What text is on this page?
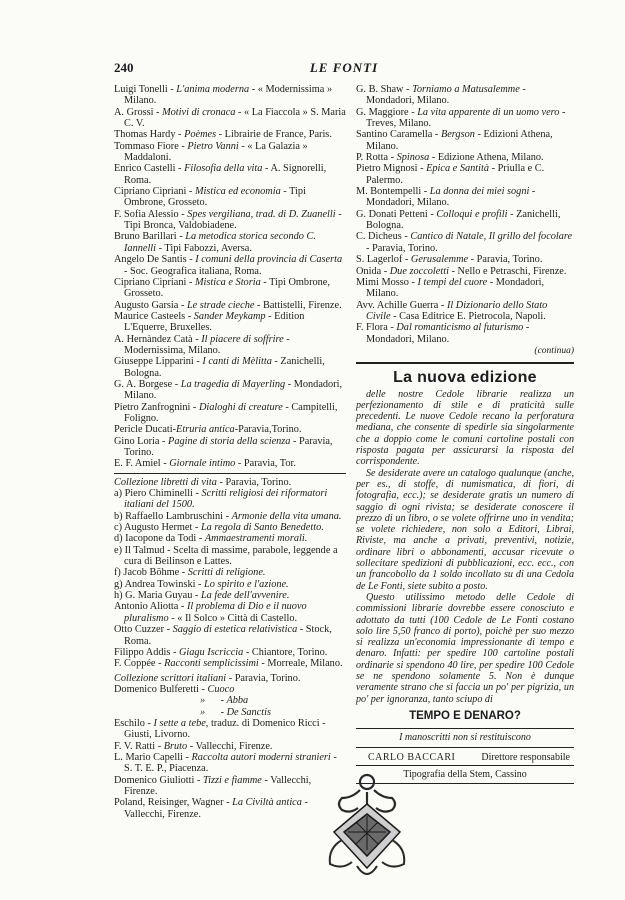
240	LE FONTI

Luigi Tonelli - L'anima moderna - « Modernissima » Milano.

A. Grossi - Motivi di cronaca - « La Fiaccola » S. Maria C. V.

Thomas Hardy - Poèmes - Librairie de France, Paris.

Tommaso Fiore - Pietro Vanni - « La Galazia » Maddaloni.

Enrico Castelli - Filosofia della vita - A. Signorelli, Roma.

Cipriano Cipriani - Mistica ed economia - Tipi Ombrone, Grosseto.

F. Sofia Alessio - Spes vergiliana, trad. di D. Zuanelli - Tipi Bronca, Valdobiadene.

Bruno Barillari - La metodica storica secondo C. Iannelli - Tipi Fabozzi, Aversa.

Angelo De Santis - I comuni della provincia di Caserta - Soc. Geografica italiana, Roma.

Cipriano Cipriani - Mistica e Storia - Tipi Ombrone, Grosseto.

Augusto Garsia - Le strade cieche - Battistelli, Firenze.

Maurice Casteels - Sander Meykamp - Edition L'Equerre, Bruxelles.

A. Hernàndez Catà - Il piacere di soffrire - Modernissima, Milano.

Giuseppe Lipparini - I canti di Mèlitta - Zanichelli, Bologna.

G. A. Borgese - La tragedia di Mayerling - Mondadori, Milano.

Pietro Zanfrognini - Dialoghi di creature - Campitelli, Foligno.

Pericle Ducati-Etruria antica-Paravia,Torino.

Gino Loria - Pagine di storia della scienza - Paravia, Torino.

E. F. Amiel - Giornale intimo - Paravia, Tor.

Collezione libretti di vita - Paravia, Torino.

a) Piero Chiminelli - Scritti religiosi dei riformatori italiani del 1500.

b) Raffaello Lambruschini - Armonie della vita umana.

c) Augusto Hermet - La regola di Santo Benedetto.

d) Iacopone da Todi - Ammaestramenti morali.

e) Il Talmud - Scelta di massime, parabole, leggende a cura di Beilinson e Lattes.

f) Jacob Böhme - Scritti di religione.

g) Andrea Towinski - Lo spirito e l'azione.

h) G. Maria Guyau - La fede dell'avvenire.

Antonio Aliotta - Il problema di Dio e il nuovo pluralismo - « Il Solco » Città di Castello.

Otto Cuzzer - Saggio di estetica relativistica - Stock, Roma.

Filippo Addis - Giagu Iscriccia - Chiantore, Torino.

F. Coppée - Racconti semplicissimi - Morreale, Milano.

Collezione scrittori italiani - Paravia, Torino.

Domenico Bulferetti - Cuoco

» - Abba
» - De Sanctis

Eschilo - I sette a tebe, traduz. di Domenico Ricci - Giusti, Livorno.

F. V. Ratti - Bruto - Vallecchi, Firenze.

L. Mario Capelli - Raccolta autori moderni stranieri - S. T. E. P., Piacenza.

Domenico Giuliotti - Tizzi e fiamme - Vallecchi, Firenze.

Poland, Reisinger, Wagner - La Civiltà antica - Vallecchi, Firenze.

G. B. Shaw - Torniamo a Matusalemme - Mondadori, Milano.

G. Maggiore - La vita apparente di un uomo vero - Treves, Milano.

Santino Caramella - Bergson - Edizioni Athena, Milano.

P. Rotta - Spinosa - Edizione Athena, Milano.

Pietro Mignosi - Epica e Santità - Priulla e C. Palermo.

M. Bontempelli - La donna dei miei sogni - Mondadori, Milano.

G. Donati Petteni - Colloqui e profili - Zanichelli, Bologna.

C. Dicheus - Cantico di Natale, Il grillo del focolare - Paravia, Torino.

S. Lagerlof - Gerusalemme - Paravia, Torino.

Onida - Due zoccoletti - Nello e Petraschi, Firenze.

Mimi Mosso - I tempi del cuore - Mondadori, Milano.

Avv. Achille Guerra - Il Dizionario dello Stato Civile - Casa Editrice E. Pietrocola, Napoli.

F. Flora - Dal romanticismo al futurismo - Mondadori, Milano.

(continua)
La nuova edizione

delle nostre Cedole librarie realizza un perfezionamento di stile e di praticità sulle precedenti. Le nuove Cedole recano la perforatura mediana, che consente di spedirle sia singolarmente che a doppio come le comuni cartoline postali con risposta pagata per assicurarsi la risposta del corrispondente.

Se desiderate avere un catalogo qualunque (anche, per es., di stoffe, di numismatica, di fiori, di fotografia, ecc.); se desiderate gratis un numero di saggio di ogni rivista; se desiderate conoscere il prezzo di un libro, o se volete offrirne uno in vendita; se volete richiedere, non solo a Editori, Librai, Riviste, ma anche a privati, preventivi, notizie, ordinare libri o abbonamenti, accusar ricevute o sollecitare spedizioni di pubblicazioni, ecc. ecc., con un francobollo da 1 soldo incollato su di una Cedola de Le Fonti, siete subito a posto.

Questo utilissimo metodo delle Cedole di commissioni librarie dovrebbe essere conosciuto e adottato da tutti (100 Cedole de Le Fonti costano solo lire 5,50 franco di porto), poichè per suo mezzo si realizza un'economia impressionante di tempo e denaro. Infatti: per spedire 100 cartoline postali ordinarie si spendono 40 lire, per spedire 100 Cedole se ne spendono solamente 5. Non è dunque veramente strano che si faccia un po' per pigrizia, un po' per ignoranza, tanto sciupo di

TEMPO E DENARO?
I manoscritti non si restituiscono
CARLO BACCARI	Direttore responsabile
Tipografia della Stem, Cassino
